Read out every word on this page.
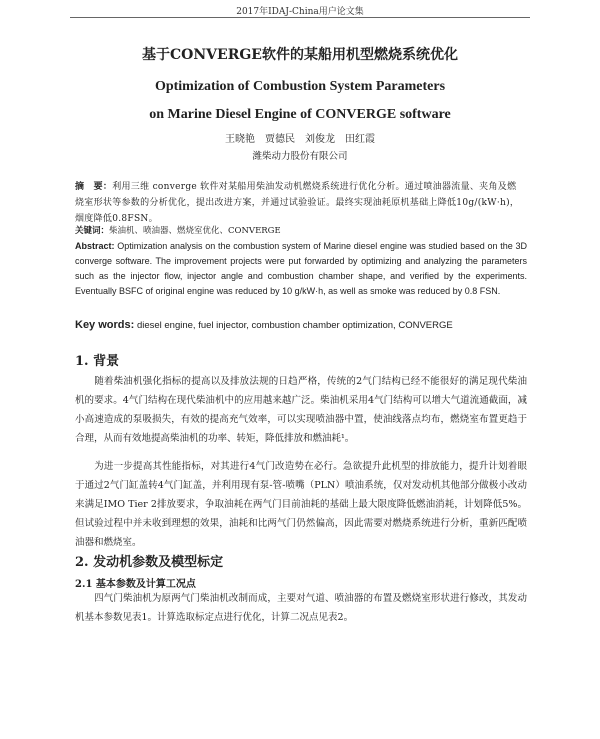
2017年IDAJ-China用户论文集
基于CONVERGE软件的某船用机型燃烧系统优化
Optimization of Combustion System Parameters
on Marine Diesel Engine of CONVERGE software
王晓艳　贾德民　刘俊龙　田红霞
潍柴动力股份有限公司
摘　要：利用三维 converge 软件对某船用柴油发动机燃烧系统进行优化分析。通过喷油器流量、夹角及燃烧室形状等参数的分析优化，提出改进方案，并通过试验验证。最终实现油耗原机基础上降低10g/(kW·h)，烟度降低0.8FSN。
关键词：柴油机、喷油器、燃烧室优化、CONVERGE
Abstract: Optimization analysis on the combustion system of Marine diesel engine was studied based on the 3D converge software. The improvement projects were put forwarded by optimizing and analyzing the parameters such as the injector flow, injector angle and combustion chamber shape, and verified by the experiments. Eventually BSFC of original engine was reduced by 10 g/kW·h, as well as smoke was reduced by 0.8 FSN.
Key words: diesel engine, fuel injector, combustion chamber optimization, CONVERGE
1. 背景
随着柴油机强化指标的提高以及排放法规的日趋严格，传统的2气门结构已经不能很好的满足现代柴油机的要求。4气门结构在现代柴油机中的应用越来越广泛。柴油机采用4气门结构可以增大气道流通截面，减小高速造成的泵吸损失，有效的提高充气效率，可以实现喷油器中置，使油线落点均布，燃烧室布置更趋于合理，从而有效地提高柴油机的功率、转矩，降低排放和燃油耗¹。
为进一步提高其性能指标，对其进行4气门改造势在必行。急欲提升此机型的排放能力，提升计划着眼于通过2气门缸盖转4气门缸盖，并利用现有泵-管-喷嘴（PLN）喷油系统，仅对发动机其他部分做极小改动来满足IMO Tier 2排放要求，争取油耗在两气门目前油耗的基础上最大限度降低燃油消耗，计划降低5%。但试验过程中并未收到理想的效果，油耗和比两气门仍然偏高，因此需要对燃烧系统进行分析，重新匹配喷油器和燃烧室。
2. 发动机参数及模型标定
2.1 基本参数及计算工况点
四气门柴油机为原两气门柴油机改制而成，主要对气道、喷油器的布置及燃烧室形状进行修改，其发动机基本参数见表1。计算选取标定点进行优化，计算二况点见表2。
